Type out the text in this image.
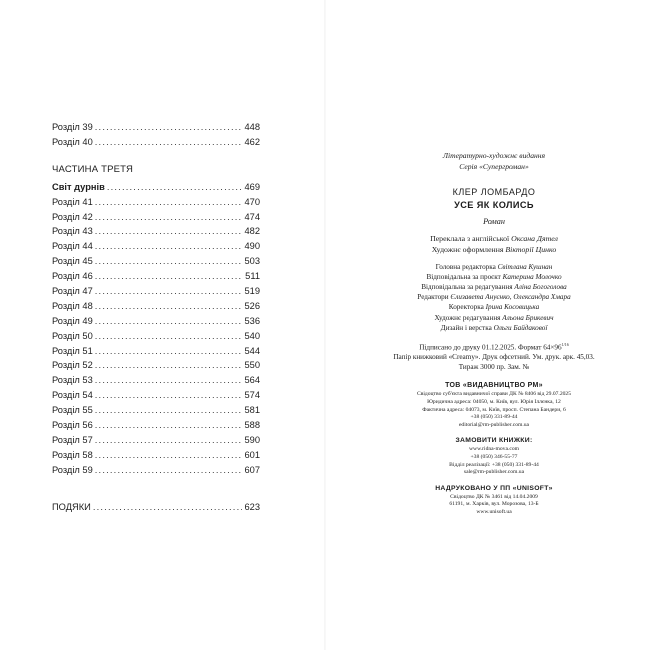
Розділ 39 .....	448
Розділ 40 .....	462
ЧАСТИНА ТРЕТЯ
Світ дурнів .....	469
Розділ 41 .....	470
Розділ 42 .....	474
Розділ 43 .....	482
Розділ 44 .....	490
Розділ 45 .....	503
Розділ 46 .....	511
Розділ 47 .....	519
Розділ 48 .....	526
Розділ 49 .....	536
Розділ 50 .....	540
Розділ 51 .....	544
Розділ 52 .....	550
Розділ 53 .....	564
Розділ 54 .....	574
Розділ 55 .....	581
Розділ 56 .....	588
Розділ 57 .....	590
Розділ 58 .....	601
Розділ 59 .....	607
ПОДЯКИ .....	623
Літературно-художнє видання
Серія «Супергроман»
КЛЕР ЛОМБАРДО
УСЕ ЯК КОЛИСЬ
Роман
Переклала з англійської Оксана Дятел
Художнє оформлення Вікторії Цинко
Головна редакторка Світлана Кушнан
Відповідальна за проєкт Катерина Молочко
Відповідальна за редагування Аліна Богоголова
Редактори Єлизавета Ануєнко, Олександра Хмара
Коректорка Ірина Косовицька
Художнє редагування Альона Брикевич
Дизайн і верстка Ольги Байдакової
Підписано до друку 01.12.2025. Формат $64\times 96^{1/16}$
Папір книжковий «Creamy». Друк офсетний. Ум. друк. арк. 45,03.
Тираж 3000 пр. Зам. №
ТОВ «ВИДАВНИЦТВО РМ»
Свідоцтво суб'єкта видавничої справи ДК № 8406 від 29.07.2025
Юридична адреса: 04050, м. Київ, вул. Юрія Іллєнка, 12
Фактична адреса: 04073, м. Київ, просп. Степана Бандери, 6
+38 (050) 331-89-44
editorial@rm-publisher.com.ua
ЗАМОВИТИ КНИЖКИ:
www.ridna-mova.com
+38 (050) 346-55-77
Відділ реалізації: +38 (050) 331-89-44
sale@rm-publisher.com.ua
НАДРУКОВАНО У ПП «UNISOFT»
Свідоцтво ДК № 3461 від 14.04.2009
61191, м. Харків, вул. Морозова, 13-Б
www.unisoft.ua
